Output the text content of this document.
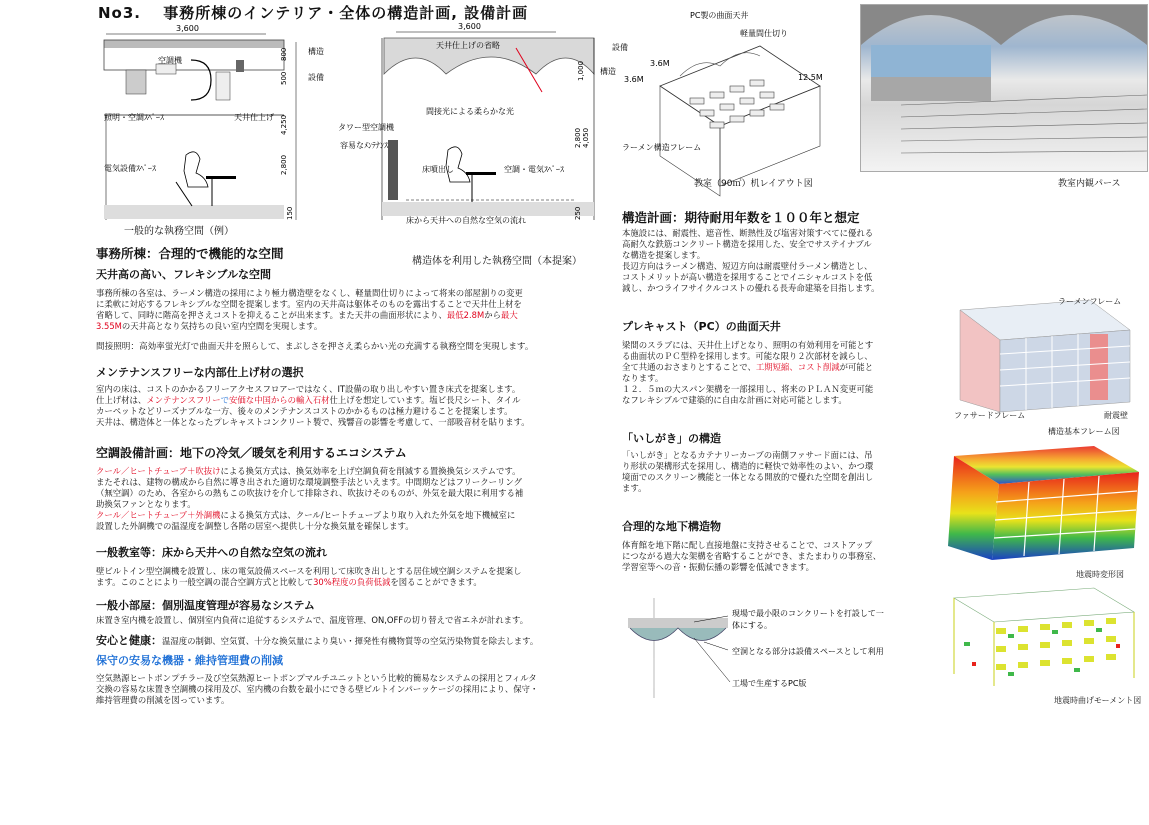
No3.　 事務所棟のインテリア・全体の構造計画, 設備計画
3,600
800
500
4,250
2,800
150
構造
設備
空調機
照明・空調ｽﾍﾟｰｽ	天井仕上げ
電気設備ｽﾍﾟｰｽ
3,600
天井仕上げの省略
間接光による柔らかな光
タワー型空調機
容易なﾒﾝﾃﾅﾝｽ
床噴出し	空調・電気ｽﾍﾟｰｽ
床から天井への自然な空気の流れ
設備
構造
1,000
4,050
2,800
250
一般的な執務空間（例）
構造体を利用した執務空間（本提案）
PC製の曲面天井
軽量間仕切り
3.6M
3.6M	12.5M
ラーメン構造フレーム
教室（90㎡）机レイアウト図	教室内観パース
事務所棟：合理的で機能的な空間
天井高の高い、フレキシブルな空間
事務所棟の各室は、ラーメン構造の採用により極力構造壁をなくし、軽量間仕切りによって将来の部屋割りの変更
に柔軟に対応するフレキシブルな空間を提案します。室内の天井高は躯体そのものを露出することで天井仕上材を
省略して、同時に階高を押さえコストを抑えることが出来ます。また天井の曲面形状により、最低2.8Mから最大
3.55Mの天井高となり気持ちの良い室内空間を実現します。
間接照明：高効率蛍光灯で曲面天井を照らして、まぶしさを押さえ柔らかい光の充満する執務空間を実現します。
メンテナンスフリーな内部仕上げ材の選択
室内の床は、コストのかかるフリーアクセスフロアーではなく、IT設備の取り出しやすい置き床式を提案します。
仕上げ材は、メンテナンスフリーで安価な中国からの輸入石材仕上げを想定しています。塩ビ長尺シート、タイル
カーペットなどリーズナブルな一方、後々のメンテナンスコストのかかるものは極力避けることを提案します。
天井は、構造体と一体となったプレキャストコンクリート製で、残響音の影響を考慮して、一部吸音材を貼ります。
空調設備計画：地下の冷気／暖気を利用するエコシステム
クール／ヒートチューブ＋吹抜けによる換気方式は、換気効率を上げ空調負荷を削減する置換換気システムです。
またそれは、建物の構成から自然に導き出された適切な環境調整手法といえます。中間期などはフリークーリング
（無空調）のため、各室からの熱もこの吹抜けを介して排除され、吹抜けそのものが、外気を最大限に利用する補
助換気ファンとなります。
クール／ヒートチューブ＋外調機による換気方式は、クール/ヒートチューブより取り入れた外気を地下機械室に
設置した外調機での温湿度を調整し各階の居室へ提供し十分な換気量を確保します。
一般教室等：床から天井への自然な空気の流れ
壁ビルトイン型空調機を設置し、床の電気設備スペースを利用して床吹き出しとする居住域空調システムを提案し
ます。このことにより一般空調の混合空調方式と比較して30%程度の負荷低減を図ることができます。
一般小部屋：個別温度管理が容易なシステム
床置き室内機を設置し、個別室内負荷に追従するシステムで、温度管理、ON,OFFの切り替えで省エネが計れます。
安心と健康：温湿度の制御、空気質、十分な換気量により臭い・揮発性有機物質等の空気汚染物質を除去します。
保守の安易な機器・維持管理費の削減
空気熱源ヒートポンプチラー及び空気熱源ヒートポンプマルチユニットという比較的簡易なシステムの採用とフィルタ
交換の容易な床置き空調機の採用及び、室内機の台数を最小にできる壁ビルトインパーッケージの採用により、保守・
維持管理費の削減を図っています。
構造計画：期待耐用年数を１００年と想定
本施設には、耐震性、遮音性、断熱性及び塩害対策すべてに優れる
高耐久な鉄筋コンクリート構造を採用した、安全でサステイナブル
な構造を提案します。
長辺方向はラーメン構造、短辺方向は耐震壁付ラーメン構造とし、
コストメリットが高い構造を採用することでイニシャルコストを低
減し、かつライフサイクルコストの優れる長寿命建築を目指します。
プレキャスト（PC）の曲面天井
梁間のスラブには、天井仕上げとなり、照明の有効利用を可能とす
る曲面状のＰＣ型枠を採用します。可能な限り２次部材を減らし、
全て共通のおさまりとすることで、工期短縮、コスト削減が可能と
なります。
１２．５ｍの大スパン架構を一部採用し、将来のＰＬＡＮ変更可能
なフレキシブルで建築的に自由な計画に対応可能とします。
「いしがき」の構造
「いしがき」となるカテナリーカーブの南側ファサード面には、吊
り形状の架構形式を採用し、構造的に軽快で効率性のよい、かつ環
境面でのスクリーン機能と一体となる開放的で優れた空間を創出し
ます。
合理的な地下構造物
体育館を地下階に配し直接地盤に支持させることで、コストアップ
につながる過大な架構を省略することができ、またまわりの事務室、
学習室等への音・振動伝播の影響を低減できます。
現場で最小限のコンクリートを打設して一
体にする。
空洞となる部分は設備スペースとして利用
工場で生産するPC版
ラーメンフレーム
ファサードフレーム	耐震壁
構造基本フレーム図
地震時変形図
地震時曲げモーメント図
